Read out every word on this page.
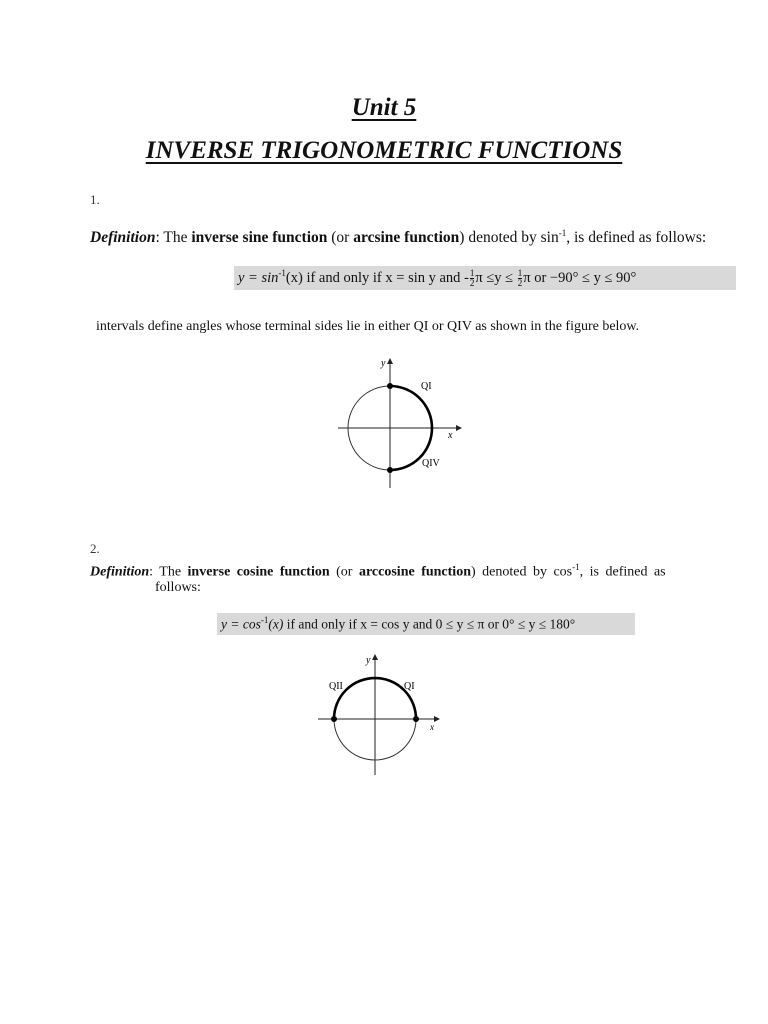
Unit 5
INVERSE TRIGONOMETRIC FUNCTIONS
1.
Definition: The inverse sine function (or arcsine function) denoted by $\sin^{-1}$, is defined as follows:
$y = \sin^{-1}(x)$ if and only if x = sin y and - $\frac{1}{2}$ $\pi \le y \le \frac{1}{2}$ π or −90° ≤ y ≤ 90°
intervals define angles whose terminal sides lie in either QI or QIV as shown in the figure below.
y
x
QI
QIV
2.
Definition: The inverse cosine function (or arccosine function) denoted by $\cos^{-1}$, is defined as
follows:
$y = \cos^{-1}(x)$ if and only if x = cos y and 0 ≤ y ≤ π or 0° ≤ y ≤ 180°
y
x
QI
QII
